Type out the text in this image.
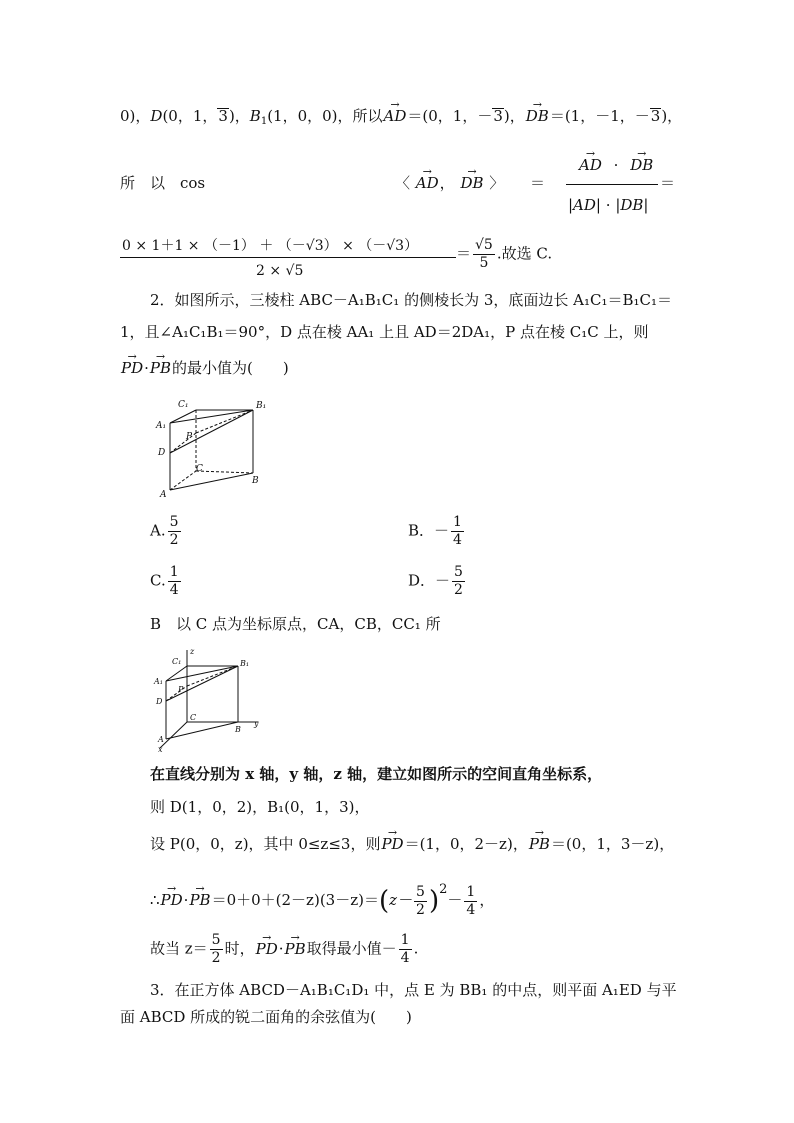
0)，D(0，1，3)，$B_1(1$，0，0)，所以→ AD＝(0，1，－3)，→ DB＝(1，－1，－3)，
所　以　cos	〈 → AD， → DB 〉 ＝
→ AD · → DB
|AD| · |DB|
＝
0 × 1＋1 × （－1） ＋ （－√3） × （－√3）
2 × √5
＝ $\frac{√5}{5}$ .故选 C.
2．如图所示，三棱柱 ABC－A₁B₁C₁ 的侧棱长为 3，底面边长 A₁C₁＝B₁C₁＝
1，且∠A₁C₁B₁＝90°，D 点在棱 AA₁ 上且 AD＝2DA₁，P 点在棱 C₁C 上，则
→ PD·→ PB的最小值为(　　)
C₁	B₁
A₁
P
D
C
B
A
A. $\frac{5}{2}$	B．－ $\frac{1}{4}$
C. $\frac{1}{4}$	D．－ $\frac{5}{2}$
B　以 C 点为坐标原点，CA，CB，CC₁ 所
C₁
z
B₁
A₁
P
D
C
B
y
A
x
在直线分别为 x 轴，y 轴，z 轴，建立如图所示的空间直角坐标系，
则 D(1，0，2)，B₁(0，1，3)，
设 P(0，0，z)，其中 0≤z≤3，则→ PD＝(1，0，2－z)，→ PB＝(0，1，3－z)，
∴→ $PD\cdot\to PB=0+0+(2-z)(3-z)=(z- \frac{5}{2} )^2- \frac{1}{4}$ ，
故当 $z= \frac{5}{2}$ 时，→ PD·→ PB取得最小值－ $\frac{1}{4}$ .
3．在正方体 ABCD－A₁B₁C₁D₁ 中，点 E 为 BB₁ 的中点，则平面 A₁ED 与平
面 ABCD 所成的锐二面角的余弦值为(　　)
